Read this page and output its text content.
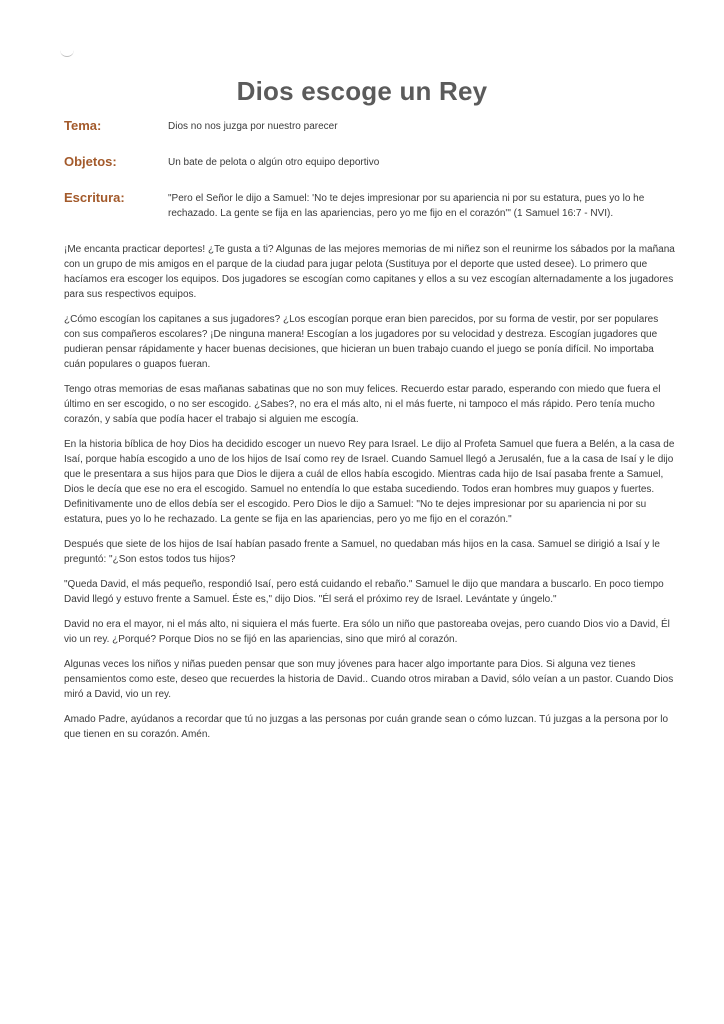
Dios escoge un Rey
Tema:	Dios no nos juzga por nuestro parecer
Objetos:	Un bate de pelota o algún otro equipo deportivo
Escritura:	"Pero el Señor le dijo a Samuel: 'No te dejes impresionar por su apariencia ni por su estatura, pues yo lo he rechazado. La gente se fija en las apariencias, pero yo me fijo en el corazón'" (1 Samuel 16:7 - NVI).

¡Me encanta practicar deportes! ¿Te gusta a ti? Algunas de las mejores memorias de mi niñez son el reunirme los sábados por la mañana con un grupo de mis amigos en el parque de la ciudad para jugar pelota (Sustituya por el deporte que usted desee). Lo primero que hacíamos era escoger los equipos. Dos jugadores se escogían como capitanes y ellos a su vez escogían alternadamente a los jugadores para sus respectivos equipos.

¿Cómo escogían los capitanes a sus jugadores? ¿Los escogían porque eran bien parecidos, por su forma de vestir, por ser populares con sus compañeros escolares? ¡De ninguna manera! Escogían a los jugadores por su velocidad y destreza. Escogían jugadores que pudieran pensar rápidamente y hacer buenas decisiones, que hicieran un buen trabajo cuando el juego se ponía difícil. No importaba cuán populares o guapos fueran.

Tengo otras memorias de esas mañanas sabatinas que no son muy felices. Recuerdo estar parado, esperando con miedo que fuera el último en ser escogido, o no ser escogido. ¿Sabes?, no era el más alto, ni el más fuerte, ni tampoco el más rápido. Pero tenía mucho corazón, y sabía que podía hacer el trabajo si alguien me escogía.

En la historia bíblica de hoy Dios ha decidido escoger un nuevo Rey para Israel. Le dijo al Profeta Samuel que fuera a Belén, a la casa de Isaí, porque había escogido a uno de los hijos de Isaí como rey de Israel. Cuando Samuel llegó a Jerusalén, fue a la casa de Isaí y le dijo que le presentara a sus hijos para que Dios le dijera a cuál de ellos había escogido. Mientras cada hijo de Isaí pasaba frente a Samuel, Dios le decía que ese no era el escogido. Samuel no entendía lo que estaba sucediendo. Todos eran hombres muy guapos y fuertes. Definitivamente uno de ellos debía ser el escogido. Pero Dios le dijo a Samuel: "No te dejes impresionar por su apariencia ni por su estatura, pues yo lo he rechazado. La gente se fija en las apariencias, pero yo me fijo en el corazón."

Después que siete de los hijos de Isaí habían pasado frente a Samuel, no quedaban más hijos en la casa. Samuel se dirigió a Isaí y le preguntó: "¿Son estos todos tus hijos?

"Queda David, el más pequeño, respondió Isaí, pero está cuidando el rebaño." Samuel le dijo que mandara a buscarlo. En poco tiempo David llegó y estuvo frente a Samuel. Éste es," dijo Dios. "Él será el próximo rey de Israel. Levántate y úngelo."

David no era el mayor, ni el más alto, ni siquiera el más fuerte. Era sólo un niño que pastoreaba ovejas, pero cuando Dios vio a David, Él vio un rey. ¿Porqué? Porque Dios no se fijó en las apariencias, sino que miró al corazón.

Algunas veces los niños y niñas pueden pensar que son muy jóvenes para hacer algo importante para Dios. Si alguna vez tienes pensamientos como este, deseo que recuerdes la historia de David.. Cuando otros miraban a David, sólo veían a un pastor. Cuando Dios miró a David, vio un rey.

Amado Padre, ayúdanos a recordar que tú no juzgas a las personas por cuán grande sean o cómo luzcan. Tú juzgas a la persona por lo que tienen en su corazón. Amén.
